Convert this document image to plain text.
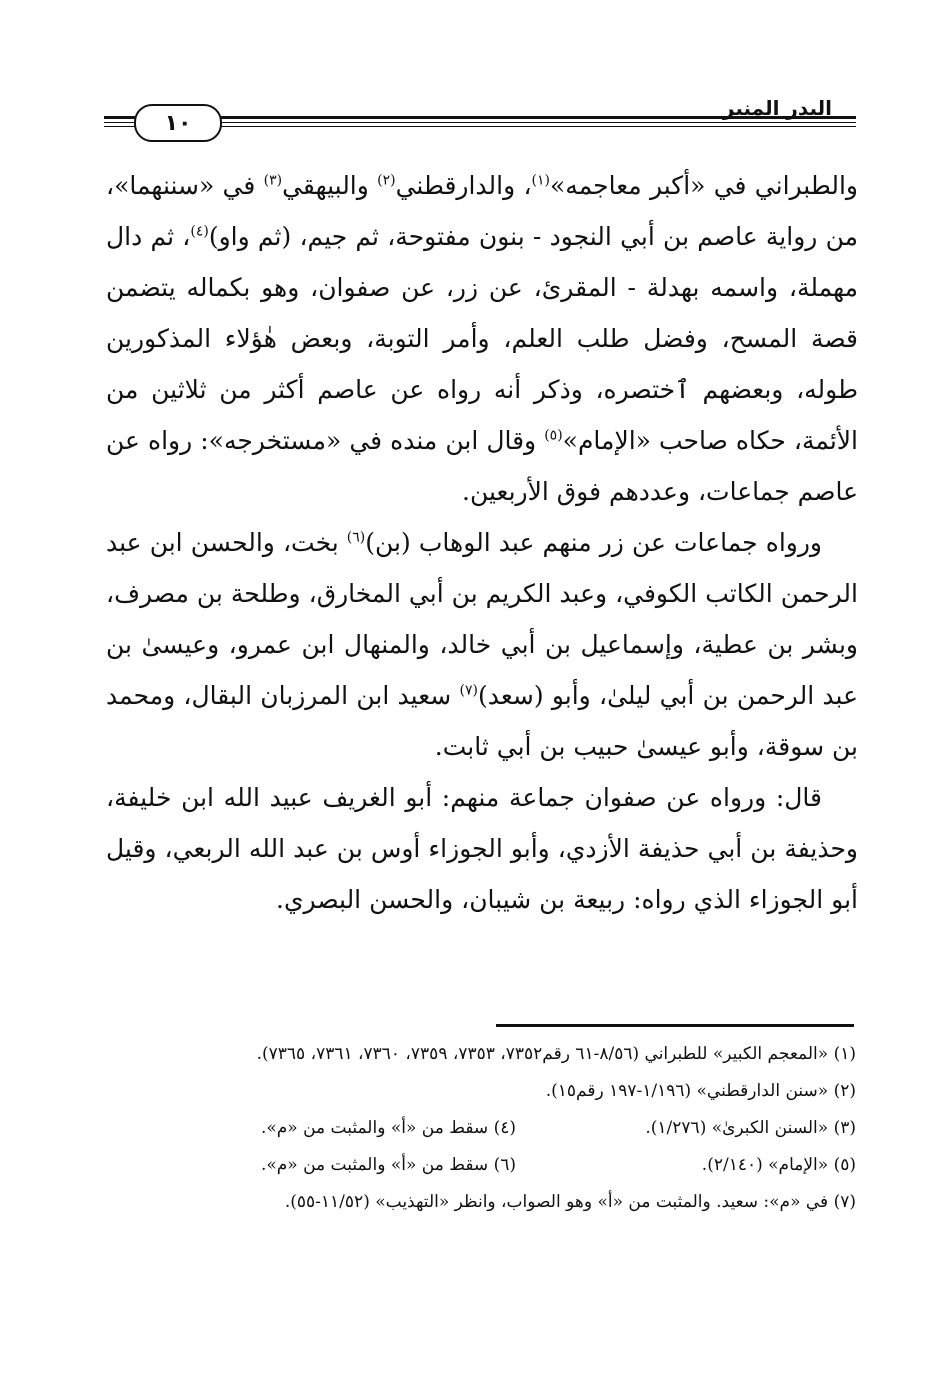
البدر المنير
١٠

والطبراني في «أكبر معاجمه»$^{(١)}$، والدارقطني$^{(٢)}$ والبيهقي$^{(٣)}$ في «سننهما»، من رواية عاصم بن أبي النجود - بنون مفتوحة، ثم جيم، (ثم واو)$^{(٤)}$، ثم دال مهملة، واسمه بهدلة - المقرئ، عن زر، عن صفوان، وهو بكماله يتضمن قصة المسح، وفضل طلب العلم، وأمر التوبة، وبعض هٰؤلاء المذكورين طوله، وبعضهم ٱختصره، وذكر أنه رواه عن عاصم أكثر من ثلاثين من الأئمة، حكاه صاحب «الإمام»$^{(٥)}$ وقال ابن منده في «مستخرجه»: رواه عن عاصم جماعات، وعددهم فوق الأربعين.

ورواه جماعات عن زر منهم عبد الوهاب (بن)$^{(٦)}$ بخت، والحسن ابن عبد الرحمن الكاتب الكوفي، وعبد الكريم بن أبي المخارق، وطلحة بن مصرف، وبشر بن عطية، وإسماعيل بن أبي خالد، والمنهال ابن عمرو، وعيسىٰ بن عبد الرحمن بن أبي ليلىٰ، وأبو (سعد)$^{(٧)}$ سعيد ابن المرزبان البقال، ومحمد بن سوقة، وأبو عيسىٰ حبيب بن أبي ثابت.

قال: ورواه عن صفوان جماعة منهم: أبو الغريف عبيد الله ابن خليفة، وحذيفة بن أبي حذيفة الأزدي، وأبو الجوزاء أوس بن عبد الله الربعي، وقيل أبو الجوزاء الذي رواه: ربيعة بن شيبان، والحسن البصري.

(١) «المعجم الكبير» للطبراني (٨/٥٦-٦١ رقم٧٣٥٢، ٧٣٥٣، ٧٣٥٩، ٧٣٦٠، ٧٣٦١، ٧٣٦٥).

(٢) «سنن الدارقطني» (١/١٩٦-١٩٧ رقم١٥).

(٣) «السنن الكبرىٰ» (١/٢٧٦).

(٤) سقط من «أ» والمثبت من «م».

(٥) «الإمام» (٢/١٤٠).

(٦) سقط من «أ» والمثبت من «م».

(٧) في «م»: سعيد. والمثبت من «أ» وهو الصواب، وانظر «التهذيب» (١١/٥٢-٥٥).
